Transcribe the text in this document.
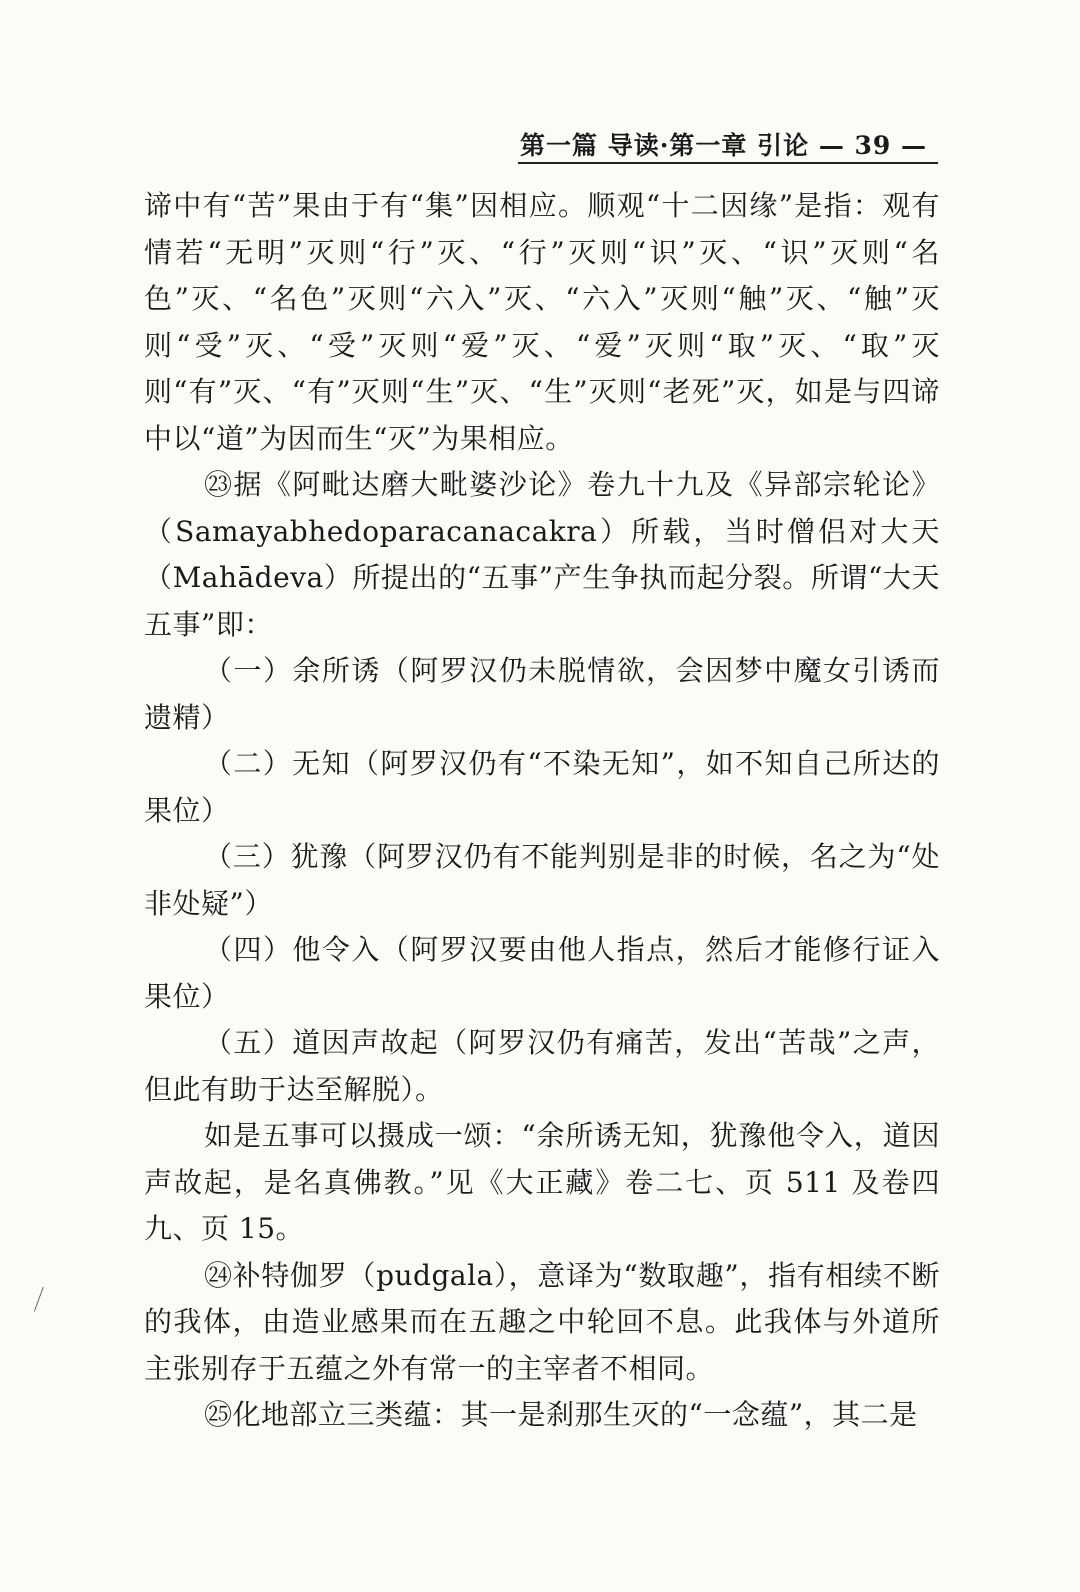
第一篇 导读·第一章 引论 — 39 —

谛中有“苦”果由于有“集”因相应。顺观“十二因缘”是指：观有情若“无明”灭则“行”灭、“行”灭则“识”灭、“识”灭则“名色”灭、“名色”灭则“六入”灭、“六入”灭则“触”灭、“触”灭则“受”灭、“受”灭则“爱”灭、“爱”灭则“取”灭、“取”灭则“有”灭、“有”灭则“生”灭、“生”灭则“老死”灭，如是与四谛中以“道”为因而生“灭”为果相应。

㉓据《阿毗达磨大毗婆沙论》卷九十九及《异部宗轮论》（Samayabhedoparacanacakra）所载，当时僧侣对大天（Mahādeva）所提出的“五事”产生争执而起分裂。所谓“大天五事”即：

（一）余所诱（阿罗汉仍未脱情欲，会因梦中魔女引诱而遗精）

（二）无知（阿罗汉仍有“不染无知”，如不知自己所达的果位）

（三）犹豫（阿罗汉仍有不能判别是非的时候，名之为“处非处疑”）

（四）他令入（阿罗汉要由他人指点，然后才能修行证入果位）

（五）道因声故起（阿罗汉仍有痛苦，发出“苦哉”之声，但此有助于达至解脱）。

如是五事可以摄成一颂：“余所诱无知，犹豫他令入，道因声故起，是名真佛教。”见《大正藏》卷二七、页 511 及卷四九、页 15。

㉔补特伽罗（pudgala），意译为“数取趣”，指有相续不断的我体，由造业感果而在五趣之中轮回不息。此我体与外道所主张别存于五蕴之外有常一的主宰者不相同。

㉕化地部立三类蕴：其一是刹那生灭的“一念蕴”，其二是
